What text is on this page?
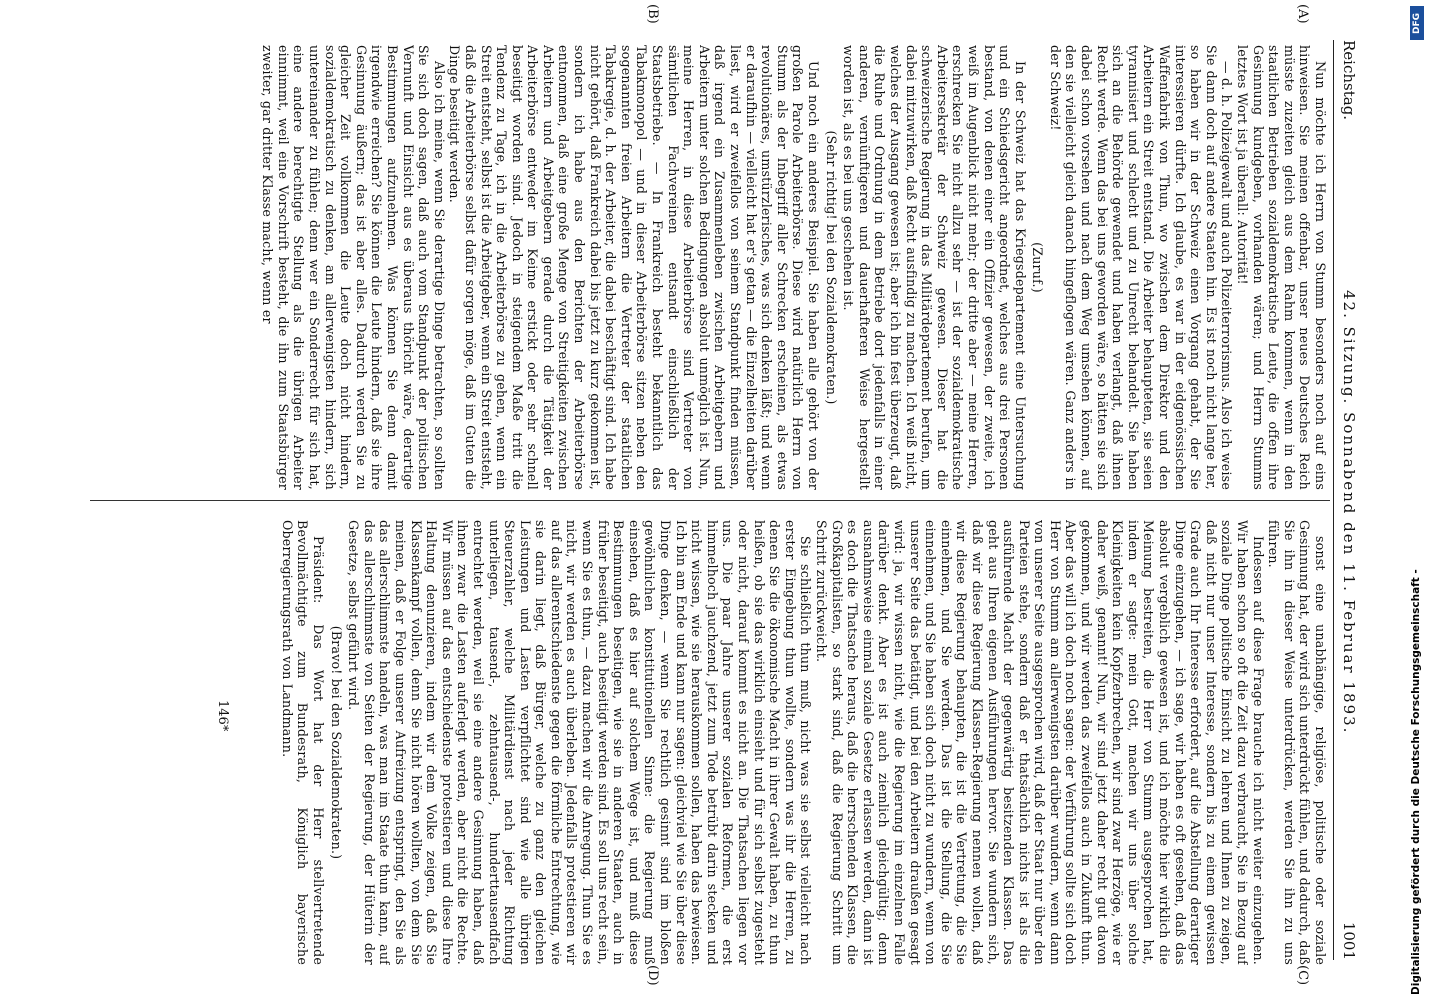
Reichstag.
42. Sitzung. Sonnabend den 11. Februar 1893.
1001
(A)
(B)
(C)
(D)

Nun möchte ich Herrn von Stumm besonders noch auf eins hinweisen. Sie meinen offenbar, unser neues Deutsches Reich müsste zuzeiten gleich aus dem Rahm kommen, wenn in den staatlichen Betrieben sozialdemokratische Leute, die offen ihre Gesinnung kundgeben, vorhanden wären; und Herrn Stumms letztes Wort ist ja überall: Autorität!

— d. h. Polizeigewalt und auch Polizeiterrorismus. Also ich weise Sie dann doch auf andere Staaten hin. Es ist noch nicht lange her, so haben wir in der Schweiz einen Vorgang gehabt, der Sie interessieren dürfte. Ich glaube, es war in der eidgenössischen Waffenfabrik von Thun, wo zwischen dem Direktor und den Arbeitern ein Streit entstand. Die Arbeiter behaupteten, sie seien tyrannisiert und schlecht und zu Unrecht behandelt. Sie haben sich an die Behörde gewendet und haben verlangt, daß ihnen Recht werde. Wenn das bei uns geworden wäre, so hätten sie sich dabei schon vorsehen und nach dem Weg umsehen können, auf den sie vielleicht gleich danach hingeflogen wären. Ganz anders in der Schweiz!

(Zuruf.)

In der Schweiz hat das Kriegsdepartement eine Untersuchung und ein Schiedsgericht angeordnet, welches aus drei Personen bestand, von denen einer ein Offizier gewesen, der zweite, ich weiß im Augenblick nicht mehr; der dritte aber — meine Herren, erschrecken Sie nicht allzu sehr — ist der sozialdemokratische Arbeitersekretär der Schweiz gewesen. Dieser hat die schweizerische Regierung in das Militärdepartement berufen, um dabei mitzuwirken, daß Recht ausfindig zu machen. Ich weiß nicht, welches der Ausgang gewesen ist; aber ich bin fest überzeugt, daß die Ruhe und Ordnung in dem Betriebe dort jedenfalls in einer anderen, vernünftigeren und dauerhafteren Weise hergestellt worden ist, als es bei uns geschehen ist.

(Sehr richtig! bei den Sozialdemokraten.)

Und noch ein anderes Beispiel. Sie haben alle gehört von der großen Parole Arbeiterbörse. Diese wird natürlich Herrn von Stumm als der Inbegriff aller Schrecken erscheinen, als etwas revolutionäres, umstürzlerisches, was sich denken läßt; und wenn er daraufhin — vielleicht hat er's getan — die Einzelheiten darüber liest, wird er zweifellos von seinem Standpunkt finden müssen, daß irgend ein Zusammenleben zwischen Arbeitgebern und Arbeitern unter solchen Bedingungen absolut unmöglich ist. Nun, meine Herren, in diese Arbeiterbörse sind Vertreter von sämtlichen Fachvereinen entsandt einschließlich der Staatsbetriebe. — In Frankreich besteht bekanntlich das Tabakmonopol — und in dieser Arbeiterbörse sitzen neben den sogenannten freien Arbeitern die Vertreter der staatlichen Tabakregie, d. h. der Arbeiter, die dabei beschäftigt sind. Ich habe nicht gehört, daß Frankreich dabei bis jetzt zu kurz gekommen ist, sondern ich habe aus den Berichten der Arbeiterbörse entnommen, daß eine große Menge von Streitigkeiten zwischen Arbeitern und Arbeitgebern gerade durch die Tätigkeit der Arbeiterbörse entweder im Keime erstickt oder sehr schnell beseitigt worden sind. Jedoch in steigendem Maße tritt die Tendenz zu Tage, ich in die Arbeiterbörse zu gehen, wenn ein Streit entsteht, selbst ist die Arbeitgeber, wenn ein Streit entsteht, daß die Arbeiterbörse selbst dafür sorgen möge, daß im Guten die Dinge beseitigt werden.

Also ich meine, wenn Sie derartige Dinge betrachten, so sollten Sie sich doch sagen, daß auch vom Standpunkt der politischen Vernunft und Einsicht aus es überaus thöricht wäre, derartige Bestimmungen aufzunehmen. Was können Sie denn damit irgendwie erreichen? Sie können die Leute hindern, daß sie ihre Gesinnung äußern; das ist aber alles. Dadurch werden Sie zu gleicher Zeit vollkommen die Leute doch nicht hindern, sozialdemokratisch zu denken, am allerwenigsten hindern, sich untereinander zu fühlen; denn wer ein Sonderrecht für sich hat, eine andere berechtigte Stellung als die übrigen Arbeiter einnimmt, weil eine Vorschrift besteht, die ihn zum Staatsbürger zweiter, gar dritter Klasse macht, wenn er

sonst eine unabhängige, religiöse, politische oder soziale Gesinnung hat, der wird sich unterdrückt fühlen, und dadurch, daß Sie ihn in dieser Weise unterdrücken, werden Sie ihn zu uns führen.

Indessen auf diese Frage brauche ich nicht weiter einzugehen. Wir haben schon so oft die Zeit dazu verbraucht, Sie in Bezug auf soziale Dinge politische Einsicht zu lehren und Ihnen zu zeigen, daß nicht nur unser Interesse, sondern bis zu einem gewissen Grade auch Ihr Interesse erfordert, auf die Abstellung derartiger Dinge einzugehen, — ich sage, wir haben es oft gesehen, daß das absolut vergeblich gewesen ist, und ich möchte hier wirklich die Meinung bestreiten, die Herr von Stumm ausgesprochen hat, indem er sagte: mein Gott, machen wir uns über solche Kleinigkeiten kein Kopfzerbrechen, wir sind zwar Herzöge, wie er daher weiß, genannt! Nun, wir sind jetzt daher recht gut davon gekommen, und wir werden das zweifellos auch in Zukunft thun. Aber das will ich doch noch sagen: der Verführung sollte sich doch Herr von Stumm am allerwenigsten darüber wundern, wenn dann von unserer Seite ausgesprochen wird, daß der Staat nur über den Parteien stehe, sondern daß er thatsächlich nichts ist als die ausführende Macht der gegenwärtig besitzenden Klassen. Das geht aus Ihren eigenen Ausführungen hervor. Sie wundern sich, daß wir diese Regierung Klassen-Regierung nennen wollen, daß wir diese Regierung behaupten, die ist die Vertretung, die Sie einnehmen, und Sie werden. Das ist die Stellung, die Sie einnehmen, und Sie haben sich doch nicht zu wundern, wenn von unserer Seite das betätigt, und bei den Arbeitern draußen gesagt wird: ja, wir wissen nicht, wie die Regierung im einzelnen Falle darüber denkt. Aber es ist auch ziemlich gleichgültig; denn ausnahmsweise einmal soziale Gesetze erlassen werden, dann ist es doch die Thatsache heraus, daß die herrschenden Klassen, die Großkapitalisten, so stark sind, daß die Regierung Schritt um Schritt zurückweicht.

Sie schließlich thun muß, nicht was sie selbst vielleicht nach erster Eingebung thun wollte, sondern was ihr die Herren, zu denen Sie die ökonomische Macht in ihrer Gewalt haben, zu thun heißen, ob sie das wirklich einsieht und für sich selbst zugesteht oder nicht, darauf kommt es nicht an. Die Thatsachen liegen vor uns. Die paar Jahre unserer sozialen Reformen, die erst himmelhoch jauchzend, jetzt zum Tode betrübt darin stecken und nicht wissen, wie sie herauskommen sollen, haben das bewiesen. Ich bin am Ende und kann nur sagen: gleichviel wie Sie über diese Dinge denken, — wenn Sie rechtlich gesinnt sind im bloßen gewöhnlichen konstitutionellen Sinne: die Regierung muß einsehen, daß es hier auf solchem Wege ist, und muß diese Bestimmungen beseitigen, wie sie in anderen Staaten, auch in früher beseitigt, auch beseitigt werden sind. Es soll uns recht sein, wenn Sie es thun, — dazu machen wir die Anregung. Thun Sie es nicht, wir werden es auch überleben. Jedenfalls protestieren wir auf das allerentschiedenste gegen die förmliche Entrechtung, wie sie darin liegt, daß Bürger, welche zu ganz den gleichen Leistungen und Lasten verpflichtet sind wie alle übrigen Steuerzahler, welche Militärdienst nach jeder Richtung unterliegen, tausend-, zehntausend-, hunderttausendfach entrechtet werden, weil sie eine andere Gesinnung haben, daß ihnen zwar die Lasten auferlegt werden, aber nicht die Rechte. Wir müssen auf das entschiedenste protestieren und diese Ihre Haltung denunzieren, indem wir dem Volke zeigen, daß Sie Klassenkampf vollen, denn Sie nicht hören wollten, von dem Sie meinen, daß er Folge unserer Aufreizung entspringt, den Sie als das allerschlimmste handeln, was man im Staate thun kann, auf das allerschlimmste von Seiten der Regierung, der Hüterin der Gesetze, selbst geführt wird.

(Bravo! bei den Sozialdemokraten.)

Präsident: Das Wort hat der Herr stellvertretende Bevollmächtigte zum Bundesrath, Königlich bayerische Oberregierungsrath von Landmann.

146*	Digitalisierung gefördert durch die Deutsche Forschungsgemeinschaft -
DFG
